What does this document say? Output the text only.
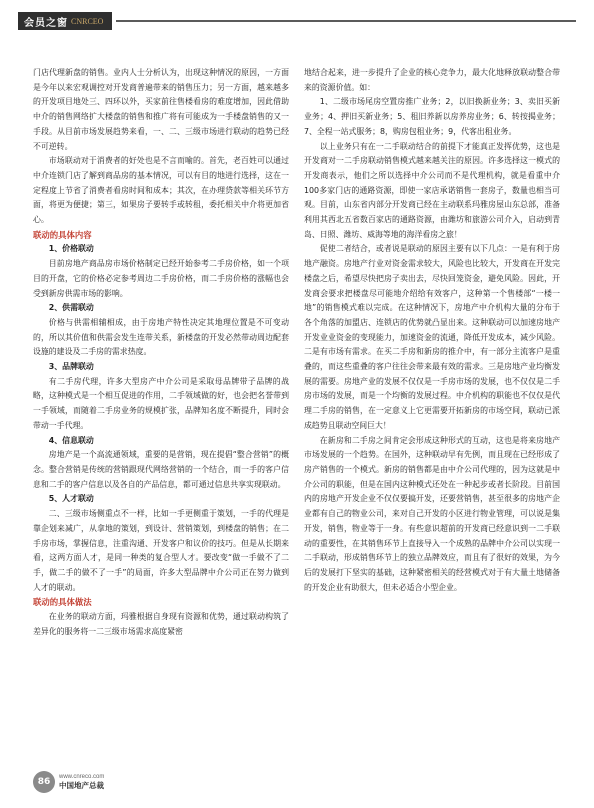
会员之窗 CNRCEO

门店代理新盘的销售。业内人士分析认为，出现这种情况的原因，一方面是今年以来宏观调控对开发商普遍带来的销售压力；另一方面，越来越多的开发项目地处三、四环以外，买家前往售楼看房的难度增加，因此借助中介的销售网络扩大楼盘的销售和推广将有可能成为一手楼盘销售的又一手段。从目前市场发展趋势来看，一、二、三级市场进行联动的趋势已经不可逆转。

市场联动对于消费者的好处也是不言而喻的。首先，老百姓可以通过中介连锁门店了解到商品房的基本情况，可以有目的地进行选择，这在一定程度上节省了消费者看房时间和成本；其次，在办理贷款等相关环节方面，将更为便捷；第三，如果房子要转手或转租，委托相关中介将更加省心。

联动的具体内容

1、价格联动

目前房地产商品房市场价格制定已经开始参考二手房价格，如一个项目的开盘，它的价格必定参考周边二手房价格，而二手房价格的涨幅也会受到新房供需市场的影响。

2、供需联动

价格与供需相辅相成，由于房地产特性决定其地理位置是不可变动的，所以其价值和供需会发生连带关系，新楼盘的开发必然带动周边配套设施的建设及二手房的需求热度。

3、品牌联动

有二手房代理，许多大型房产中介公司是采取母品牌带子品牌的战略，这种模式是一个相互促进的作用，二手领域做的好，也会把名誉带到一手领域，而随着二手房业务的规模扩张，品牌知名度不断提升，同时会带动一手代理。

4、信息联动

房地产是一个高流通领域，重要的是营销，现在提倡“整合营销”的概念。整合营销是传统的营销跟现代网络营销的一个结合，而一手的客户信息和二手的客户信息以及各自的产品信息，都可通过信息共享实现联动。

5、人才联动

二、三级市场侧重点不一样，比如一手更侧重于策划，一手的代理是靠企划来减广，从拿地的策划，到设计、营销策划，到楼盘的销售；在二手房市场，掌握信息，注重沟通、开发客户和议价的技巧。但是从长期来看，这两方面人才，是同一种类的复合型人才。要改变“做一手做不了二手，做二手的做不了一手”的局面，许多大型品牌中介公司正在努力做到人才的联动。

联动的具体做法

在业务的联动方面，玛雅根据自身现有资源和优势，通过联动构筑了差异化的服务将一二三级市场需求高度紧密

地结合起来，进一步提升了企业的核心竞争力，最大化地释放联动整合带来的资源价值。如：

1、二级市场尾房空置房推广业务；2，以旧换新业务；3、卖旧买新业务；4、押旧买新业务；5、租旧养新以房养房业务；6、转按揭业务；7、全程一站式服务；8，购房包租业务；9，代客出租业务。

以上业务只有在一二手联动结合的前提下才能真正发挥优势，这也是开发商对一二手房联动销售模式越来越关注的原因。许多选择这一模式的开发商表示，他们之所以选择中介公司而不是代理机构，就是看重中介100多家门店的通路资源，即使一家店承诺销售一套房子，数量也相当可观。目前，山东省内部分开发商已经在主动联系玛雅房屋山东总部，准备利用其西北五省数百家店的通路资源，由潍坊和旅游公司介入，启动到青岛、日照、潍坊、威海等地的海洋看房之旅！

促使二者结合，或者说是联动的原因主要有以下几点：一是有利于房地产融资。房地产行业对资金需求较大，风险也比较大，开发商在开发完楼盘之后，希望尽快把房子卖出去，尽快回笼资金，避免风险。因此，开发商会要求把楼盘尽可能地介绍给有效客户，这种第一个售楼部“一楼一地”的销售模式难以完成。在这种情况下，房地产中介机构大量的分布于各个角落的加盟店、连锁店的优势就凸显出来。这种联动可以加速房地产开发业业资金的变现能力，加速资金的流通，降低开发成本，减少风险。二是有市场有需求。在买二手房和新房的推介中，有一部分主流客户是重叠的，而这些重叠的客户往往会带来最有效的需求。三是房地产业均衡发展的需要。房地产业的发展不仅仅是一手房市场的发展，也不仅仅是二手房市场的发展，而是一个均衡的发展过程。中介机构的职能也不仅仅是代理二手房的销售，在一定意义上它更需要开拓新房的市场空间，联动已派成趋势且联动空间巨大！

在新房和二手房之间肯定会形成这种形式的互动，这也是将来房地产市场发展的一个趋势。在国外，这种联动早有先例，而且现在已经形成了房产销售的一个模式。新房的销售都是由中介公司代理的，因为这就是中介公司的职能，但是在国内这种模式还处在一种起步或者长阶段。目前国内的房地产开发企业不仅仅要搞开发，还要营销售，甚至很多的房地产企业都有自己的物业公司，来对自己开发的小区进行物业管理，可以说是集开发，销售，物业等于一身。有些意识超前的开发商已经意识到一二手联动的重要性，在其销售环节上直接导入一个成熟的品牌中介公司以实现一二手联动，形成销售环节上的独立品牌效应，而且有了很好的效果，为今后的发展打下坚实的基础，这种紧密相关的经营模式对于有大量土地储备的开发企业有助很大，但未必适合小型企业。

86
www.cnreco.com
中国地产总裁
